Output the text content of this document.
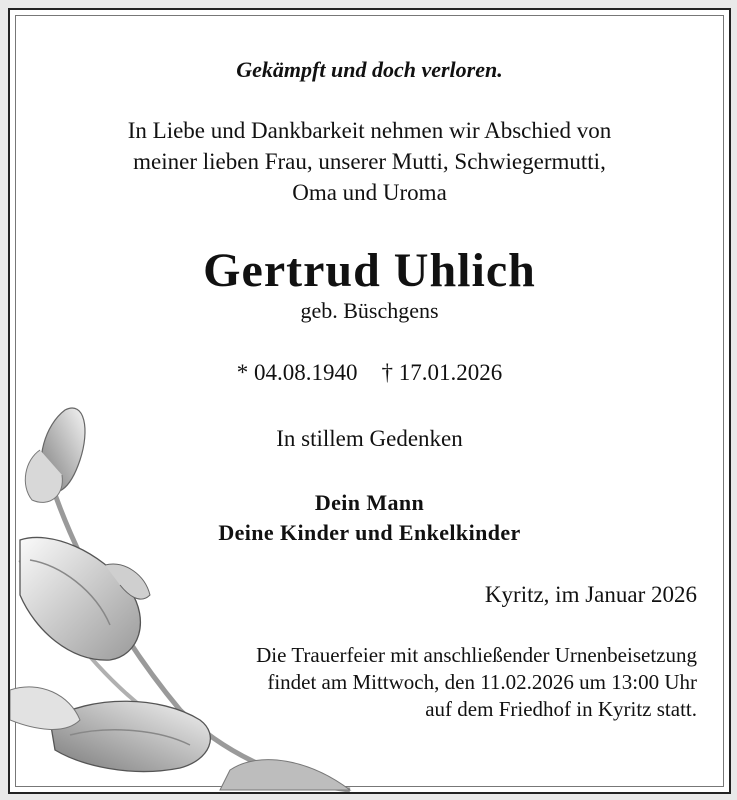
Gekämpft und doch verloren.
In Liebe und Dankbarkeit nehmen wir Abschied von
meiner lieben Frau, unserer Mutti, Schwiegermutti,
Oma und Uroma
Gertrud Uhlich
geb. Büschgens
* 04.08.1940 † 17.01.2026
In stillem Gedenken
Dein Mann
Deine Kinder und Enkelkinder
Kyritz, im Januar 2026
Die Trauerfeier mit anschließender Urnenbeisetzung
findet am Mittwoch, den 11.02.2026 um 13:00 Uhr
auf dem Friedhof in Kyritz statt.
